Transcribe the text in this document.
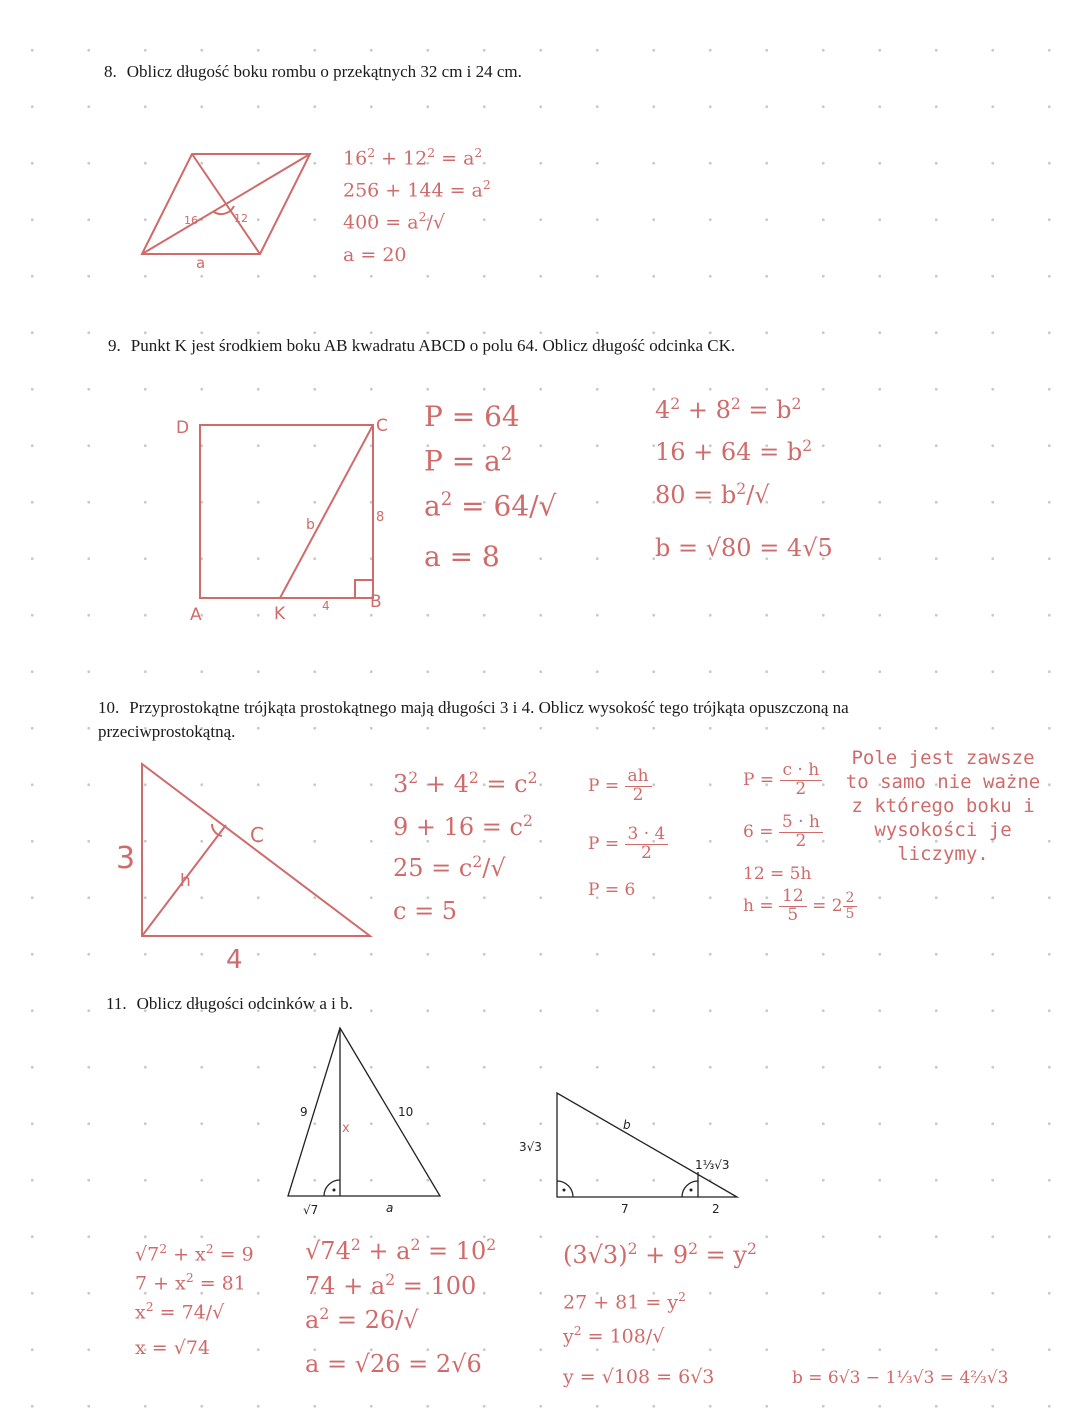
8. Oblicz długość boku rombu o przekątnych 32 cm i 24 cm.
16	12
a
$16^2 + 12^2 = a^2$
$256 + 144 = a^2$
$400 = a^2/√$
a = 20
9. Punkt K jest środkiem boku AB kwadratu ABCD o polu 64. Oblicz długość odcinka CK.
D	C
A	K
B
b
4
8
P = 64
$P = a^2$
$a^2 = 64/√$
a = 8
$4^2 + 8^2 = b^2$
$16 + 64 = b^2$
$80 = b^2/√$
b = √80 = 4√5
10. Przyprostokątne trójkąta prostokątnego mają długości 3 i 4. Oblicz wysokość tego trójkąta opuszczoną na przeciwprostokątną.
3
4
h
C
$3^2 + 4^2 = c^2$
$9 + 16 = c^2$
$25 = c^2/√$
c = 5
$P = \frac{ah}{2}$
$P = \frac{3 \cdot 4}{2}$
P = 6
$P = \frac{c \cdot h}{2}$
$6 = \frac{5 \cdot h}{2}$
12 = 5h
$h = \frac{12}{5} = 2 \frac{2}{5}$
Pole jest zawsze to samo nie ważne z którego boku i wysokości je liczymy.
11. Oblicz długości odcinków a i b.
9	10
√7	a
x
3√3
b
1⅓√3
7	2
$√7^2 + x^2 = 9$
$7 + x^2 = 81$
$x^2 = 74/√$
x = √74
$√74^2 + a^2 = 10^2$
$74 + a^2 = 100$
$a^2 = 26/√$
a = √26 = 2√6
$(3√3)^2 + 9^2 = y^2$
$27 + 81 = y^2$
$y^2 = 108/√$
y = √108 = 6√3	b = 6√3 − 1⅓√3 = 4⅔√3
